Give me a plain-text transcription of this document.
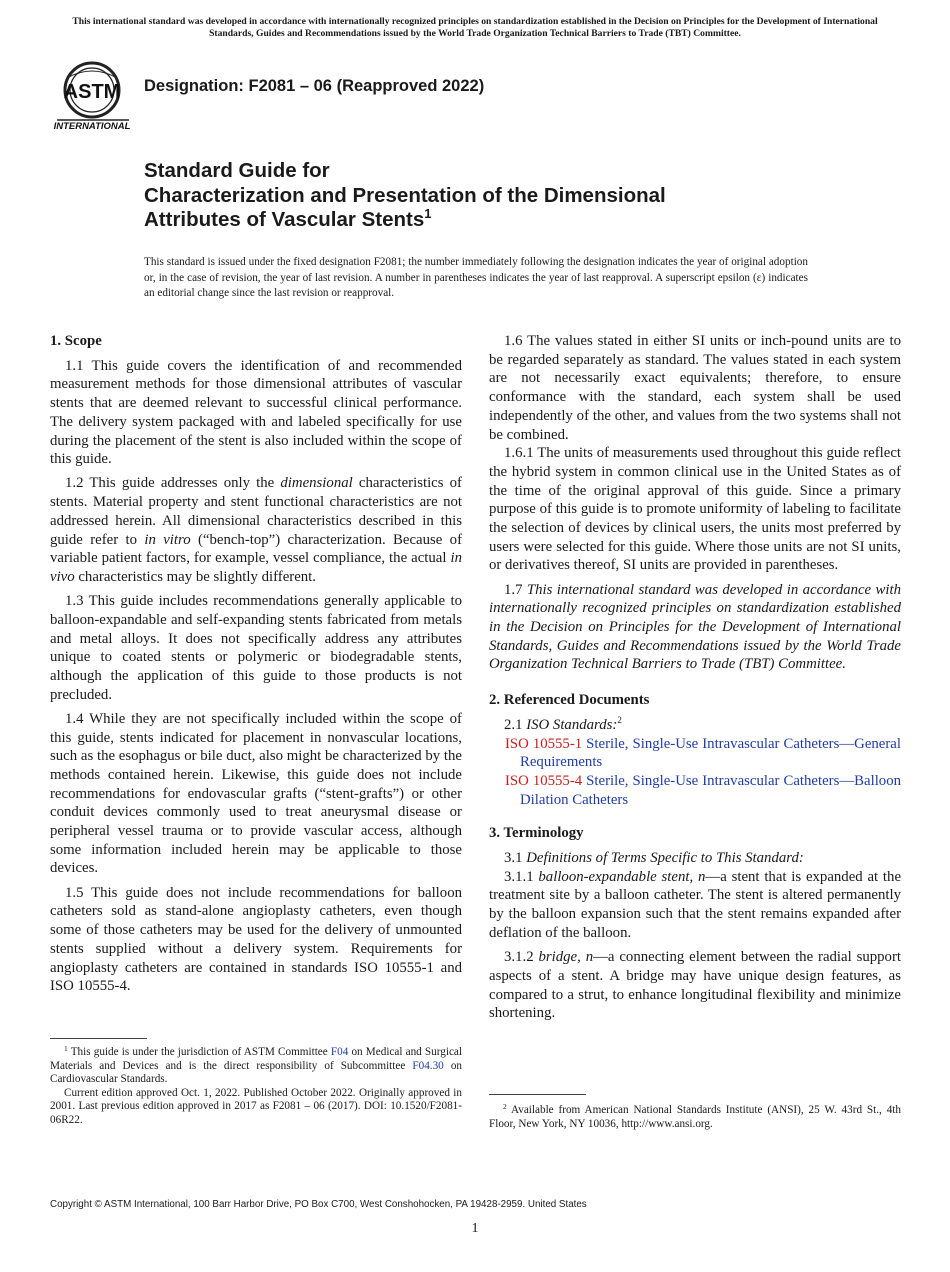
This international standard was developed in accordance with internationally recognized principles on standardization established in the Decision on Principles for the Development of International Standards, Guides and Recommendations issued by the World Trade Organization Technical Barriers to Trade (TBT) Committee.
ASTM
INTERNATIONAL
Designation: F2081 – 06 (Reapproved 2022)
Standard Guide for
Characterization and Presentation of the Dimensional
Attributes of Vascular Stents$^1$
This standard is issued under the fixed designation F2081; the number immediately following the designation indicates the year of original adoption or, in the case of revision, the year of last revision. A number in parentheses indicates the year of last reapproval. A superscript epsilon (ε) indicates an editorial change since the last revision or reapproval.
1. Scope

1.1 This guide covers the identification of and recommended measurement methods for those dimensional attributes of vascular stents that are deemed relevant to successful clinical performance. The delivery system packaged with and labeled specifically for use during the placement of the stent is also included within the scope of this guide.

1.2 This guide addresses only the dimensional characteristics of stents. Material property and stent functional characteristics are not addressed herein. All dimensional characteristics described in this guide refer to in vitro (“bench-top”) characterization. Because of variable patient factors, for example, vessel compliance, the actual in vivo characteristics may be slightly different.

1.3 This guide includes recommendations generally applicable to balloon-expandable and self-expanding stents fabricated from metals and metal alloys. It does not specifically address any attributes unique to coated stents or polymeric or biodegradable stents, although the application of this guide to those products is not precluded.

1.4 While they are not specifically included within the scope of this guide, stents indicated for placement in nonvascular locations, such as the esophagus or bile duct, also might be characterized by the methods contained herein. Likewise, this guide does not include recommendations for endovascular grafts (“stent-grafts”) or other conduit devices commonly used to treat aneurysmal disease or peripheral vessel trauma or to provide vascular access, although some information included herein may be applicable to those devices.

1.5 This guide does not include recommendations for balloon catheters sold as stand-alone angioplasty catheters, even though some of those catheters may be used for the delivery of unmounted stents supplied without a delivery system. Requirements for angioplasty catheters are contained in standards ISO 10555-1 and ISO 10555-4.

1.6 The values stated in either SI units or inch-pound units are to be regarded separately as standard. The values stated in each system are not necessarily exact equivalents; therefore, to ensure conformance with the standard, each system shall be used independently of the other, and values from the two systems shall not be combined.

1.6.1 The units of measurements used throughout this guide reflect the hybrid system in common clinical use in the United States as of the time of the original approval of this guide. Since a primary purpose of this guide is to promote uniformity of labeling to facilitate the selection of devices by clinical users, the units most preferred by users were selected for this guide. Where those units are not SI units, or derivatives thereof, SI units are provided in parentheses.

1.7 This international standard was developed in accordance with internationally recognized principles on standardization established in the Decision on Principles for the Development of International Standards, Guides and Recommendations issued by the World Trade Organization Technical Barriers to Trade (TBT) Committee.

2. Referenced Documents

2.1 ISO Standards:$^2$

ISO 10555-1 Sterile, Single-Use Intravascular Catheters—General Requirements
ISO 10555-4 Sterile, Single-Use Intravascular Catheters—Balloon Dilation Catheters
3. Terminology

3.1 Definitions of Terms Specific to This Standard:

3.1.1 balloon-expandable stent, n—a stent that is expanded at the treatment site by a balloon catheter. The stent is altered permanently by the balloon expansion such that the stent remains expanded after deflation of the balloon.

3.1.2 bridge, n—a connecting element between the radial support aspects of a stent. A bridge may have unique design features, as compared to a strut, to enhance longitudinal flexibility and minimize shortening.

$^1$ This guide is under the jurisdiction of ASTM Committee F04 on Medical and Surgical Materials and Devices and is the direct responsibility of Subcommittee F04.30 on Cardiovascular Standards.

Current edition approved Oct. 1, 2022. Published October 2022. Originally approved in 2001. Last previous edition approved in 2017 as F2081 – 06 (2017). DOI: 10.1520/F2081-06R22.

$^2$ Available from American National Standards Institute (ANSI), 25 W. 43rd St., 4th Floor, New York, NY 10036, http://www.ansi.org.

Copyright © ASTM International, 100 Barr Harbor Drive, PO Box C700, West Conshohocken, PA 19428-2959. United States
1
